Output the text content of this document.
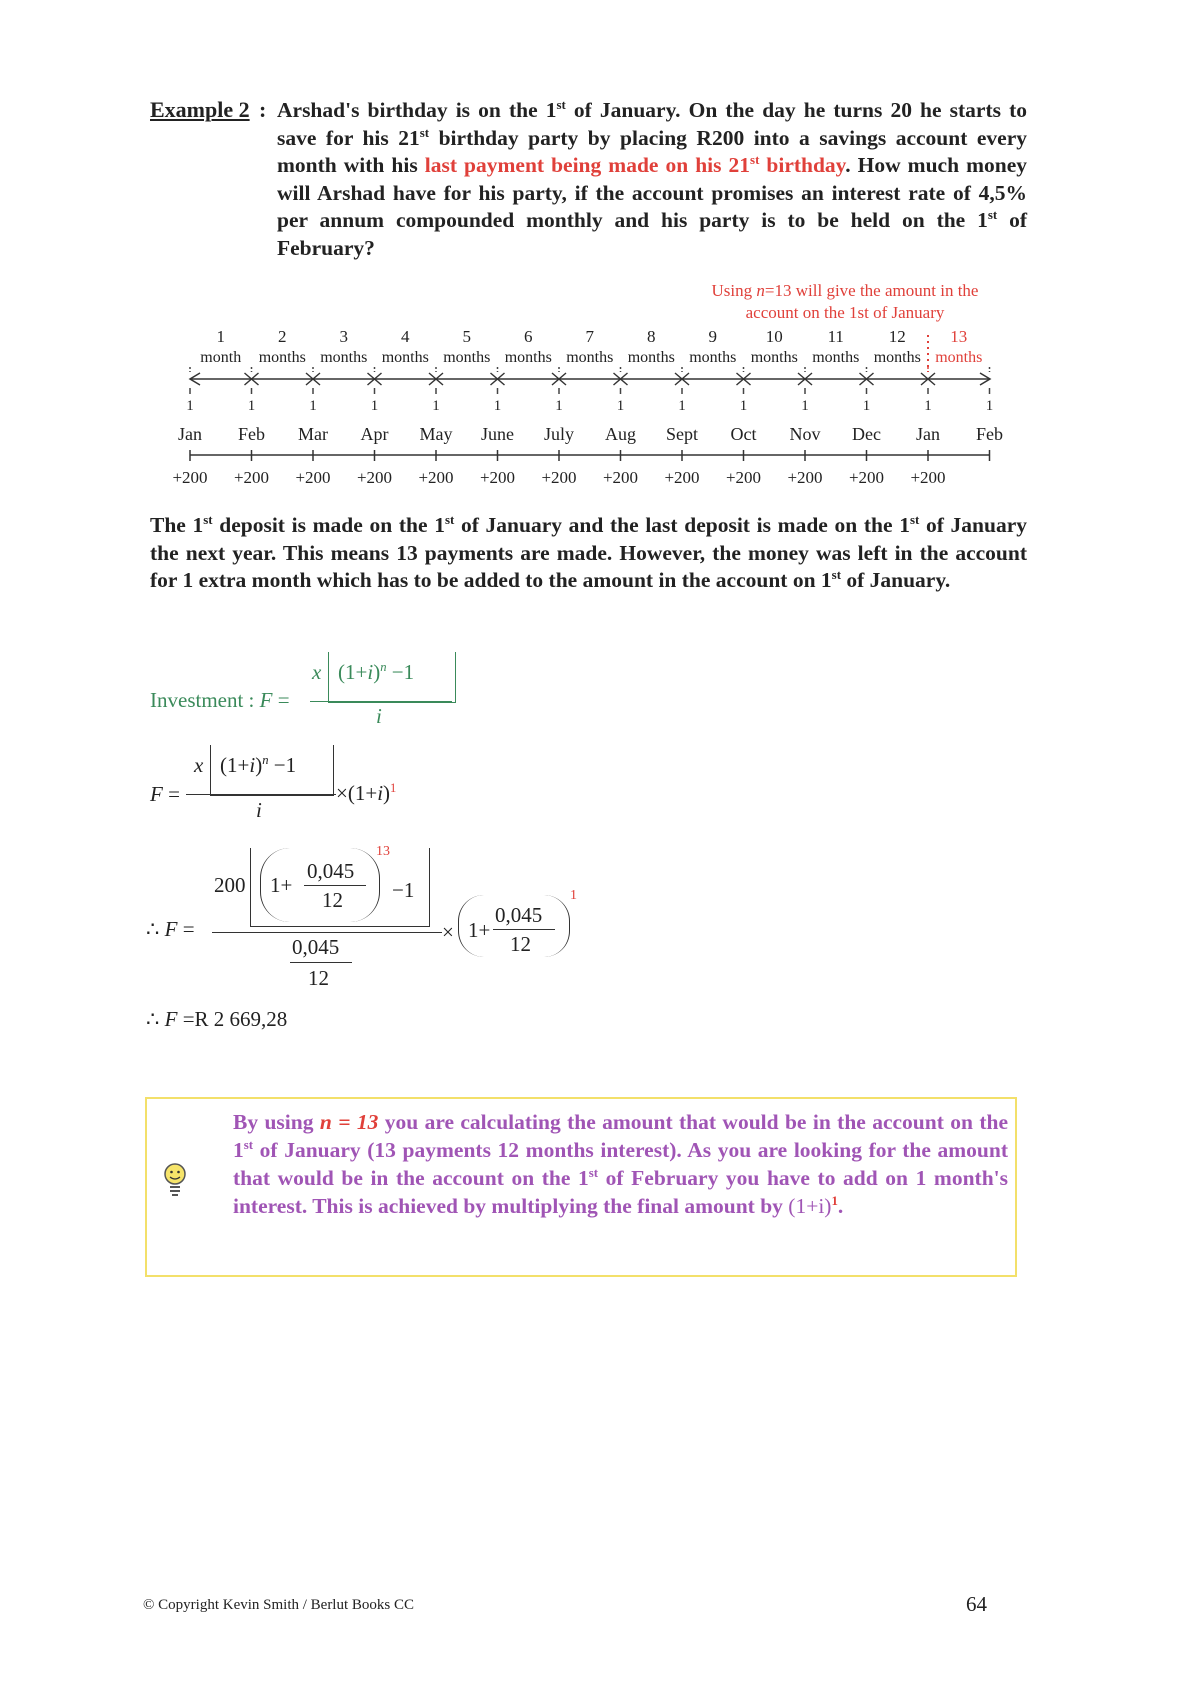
Example 2 : Arshad's birthday is on the 1st of January. On the day he turns 20 he starts to save for his 21st birthday party by placing R200 into a savings account every month with his last payment being made on his 21st birthday. How much money will Arshad have for his party, if the account promises an interest rate of 4,5% per annum compounded monthly and his party is to be held on the 1st of February?
Using n=13 will give the amount in the
account on the 1st of January
1
Jan
1
Feb
1
Mar
1
Apr
1
May
1
June
1
July
1
Aug
1
Sept
1
Oct
1
Nov
1
Dec
1
Jan
1
Feb
1
month
2
months
3
months
4
months
5
months
6
months
7
months
8
months
9
months
10
months
11
months
12
months
13
months
+200 +200 +200 +200 +200 +200 +200 +200 +200 +200 +200 +200 +200
The 1st deposit is made on the 1st of January and the last deposit is made on the 1st of January the next year. This means 13 payments are made. However, the money was left in the account for 1 extra month which has to be added to the amount in the account on 1st of January.
Investment : F =
x $(1+i)^n -1$
i
F =
x $(1+i)^n -1$
i
$\times(1+i)^1$
∴ F =
200 1+
0,045
12
13
−1
0,045
12
× 1+
0,045
12
1
∴ F =R 2 669,28
By using n = 13 you are calculating the amount that would be in the account on the 1st of January (13 payments 12 months interest). As you are looking for the amount that would be in the account on the 1st of February you have to add on 1 month's interest. This is achieved by multiplying the final amount by $(1+i)^1$.
© Copyright Kevin Smith / Berlut Books CC	64
